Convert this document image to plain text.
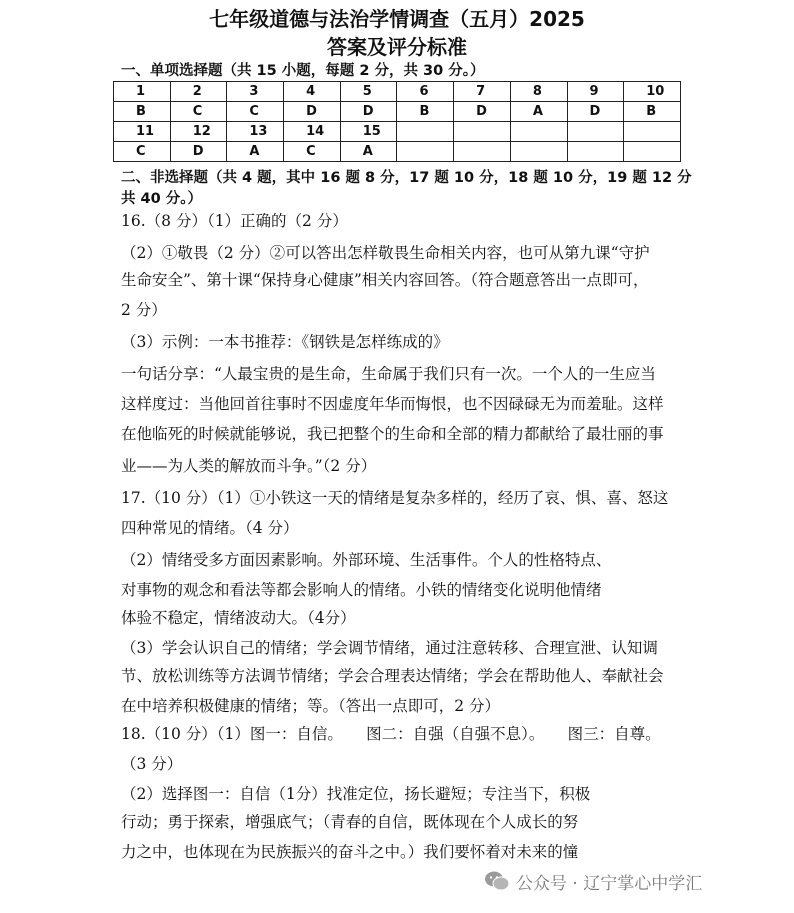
七年级道德与法治学情调查（五月）2025
答案及评分标准
一、单项选择题（共 15 小题，每题 2 分，共 30 分。）
1	2	3	4	5	6	7	8	9	10
B	C	C	D	D	B	D	A	D	B
11	12	13	14	15					
C	D	A	C	A					
二、非选择题（共 4 题，其中 16 题 8 分，17 题 10 分，18 题 10 分，19 题 12 分
共 40 分。）
16.（8 分）（1）正确的（2 分）
（2）①敬畏（2 分）②可以答出怎样敬畏生命相关内容，也可从第九课“守护
生命安全”、第十课“保持身心健康”相关内容回答。（符合题意答出一点即可，
2 分）
（3）示例：一本书推荐：《钢铁是怎样练成的》
一句话分享：“人最宝贵的是生命，生命属于我们只有一次。一个人的一生应当
这样度过：当他回首往事时不因虚度年华而悔恨，也不因碌碌无为而羞耻。这样
在他临死的时候就能够说，我已把整个的生命和全部的精力都献给了最壮丽的事
业——为人类的解放而斗争。”（2 分）
17.（10 分）（1）①小铁这一天的情绪是复杂多样的，经历了哀、惧、喜、怒这
四种常见的情绪。（4 分）
（2）情绪受多方面因素影响。外部环境、生活事件。个人的性格特点、
对事物的观念和看法等都会影响人的情绪。小铁的情绪变化说明他情绪
体验不稳定，情绪波动大。（4分）
（3）学会认识自己的情绪；学会调节情绪，通过注意转移、合理宣泄、认知调
节、放松训练等方法调节情绪；学会合理表达情绪；学会在帮助他人、奉献社会
在中培养积极健康的情绪；等。（答出一点即可，2 分）
18.（10 分）（1）图一：自信。　　图二：自强（自强不息）。　　图三：自尊。
（3 分）
（2）选择图一：自信（1分）找准定位，扬长避短；专注当下，积极
行动；勇于探索，增强底气；（青春的自信，既体现在个人成长的努
力之中，也体现在为民族振兴的奋斗之中。）我们要怀着对未来的憧
公众号 · 辽宁掌心中学汇
